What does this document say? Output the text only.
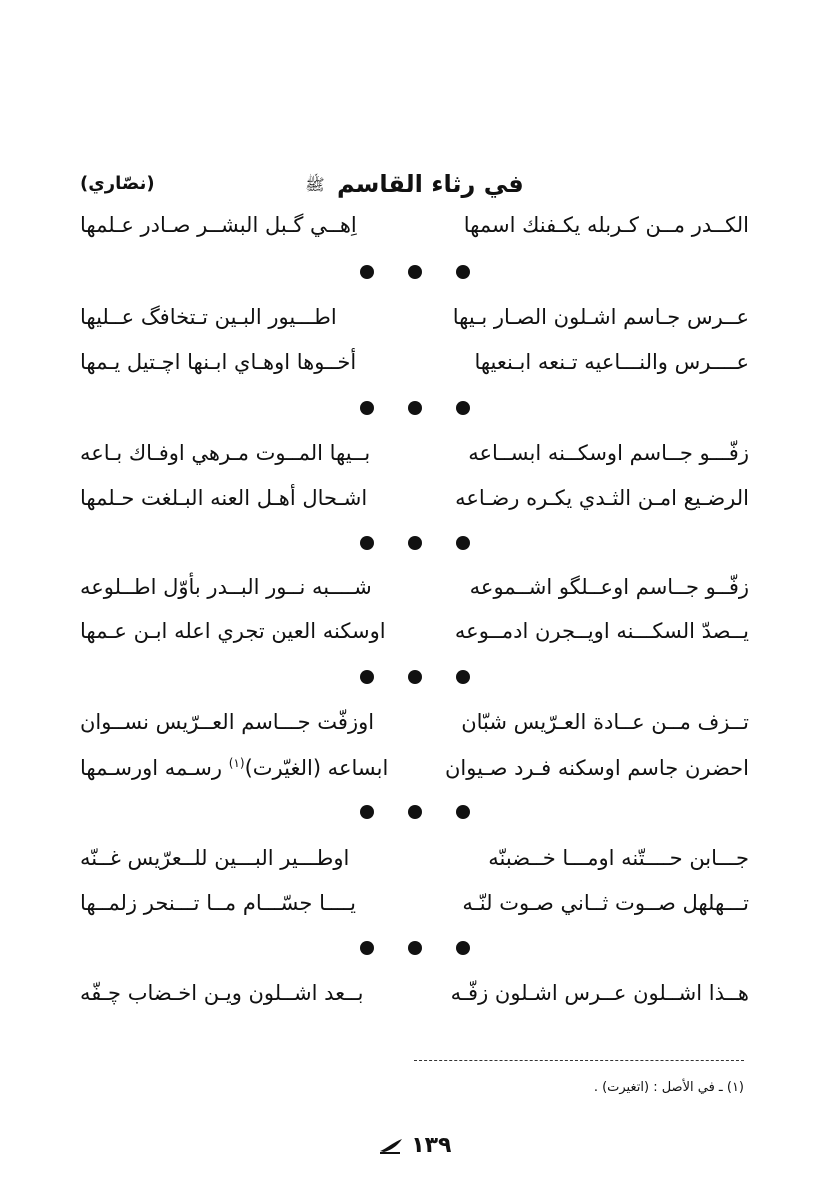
في رثاء القاسم ﷺ
(نصّاري)
الكــدر مــن كـربله يكـفنك اسمها
اِهــي گـبل البشــر صـادر عـلمها
عــرس جـاسم اشـلون الصـار بـيها
اطـــيور البـين تـتخافگ عــليها
عــــرس والنـــاعيه تـنعه ابـنعيها
أخــوها اوهـاي ابـنها اچـتيل يـمها
زفّـــو جــاسم اوسكــنه ابســاعه
بــيها المــوت مـرهي اوفـاك بـاعه
الرضـيع امـن الثـدي يكـره رضـاعه
اشـحال أهـل العنه البـلغت حـلمها
زفّــو جــاسم اوعــلگو اشــموعه
شــــبه نــور البــدر بأوّل اطــلوعه
يــصدّ السكـــنه اويــجرن ادمــوعه
اوسكنه العين تجري اعله ابـن عـمها
تــزف مــن عــادة العـرّيس شبّان
اوزفّت جـــاسم العــرّيس نســوان
احضرن جاسم اوسكنه فـرد صـيوان
ابساعه (الغيّرت)$^{(١)}$ رسـمه اورسـمها
جـــابن حــــتّنه اومـــا خــضبنّه
اوطـــير البـــين للــعرّيس غــنّه
تـــهلهل صــوت ثــاني صـوت لنّـه
يــــا جسّـــام مــا تـــنحر زلمــها
هــذا اشــلون عــرس اشـلون زفّـه
بــعد اشــلون ويـن اخـضاب چـفّه
(١) ـ في الأصل : (اتغيرت) .
١٣٩
